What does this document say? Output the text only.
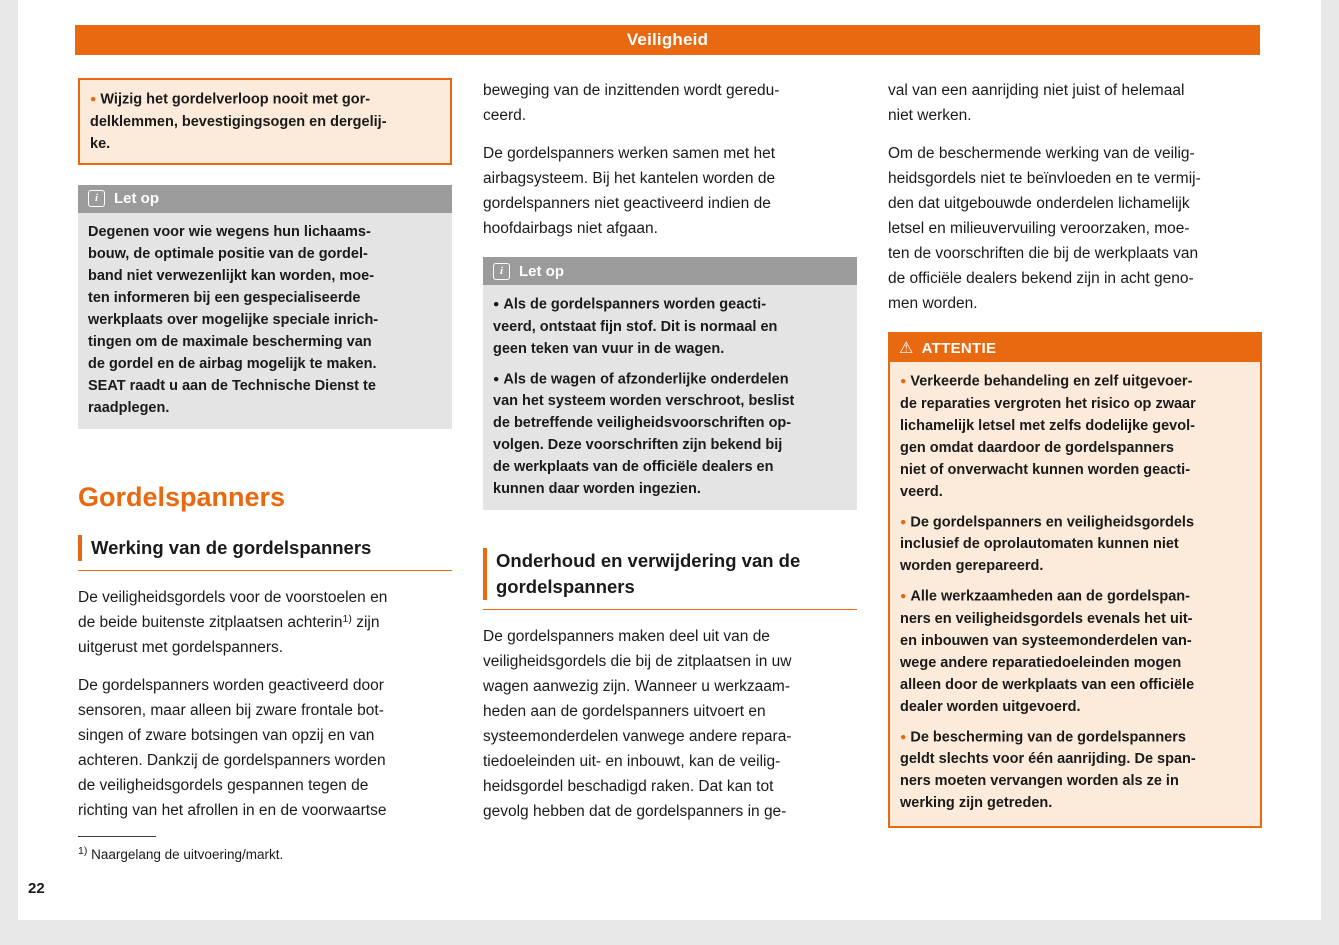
Veiligheid
● Wijzig het gordelverloop nooit met gor-
delklemmen, bevestigingsogen en dergelij-
ke.
i	Let op
Degenen voor wie wegens hun lichaams-
bouw, de optimale positie van de gordel-
band niet verwezenlijkt kan worden, moe-
ten informeren bij een gespecialiseerde
werkplaats over mogelijke speciale inrich-
tingen om de maximale bescherming van
de gordel en de airbag mogelijk te maken.
SEAT raadt u aan de Technische Dienst te
raadplegen.
Gordelspanners
Werking van de gordelspanners
De veiligheidsgordels voor de voorstoelen en
de beide buitenste zitplaatsen achterin$^{1)}$ zijn
uitgerust met gordelspanners.
De gordelspanners worden geactiveerd door
sensoren, maar alleen bij zware frontale bot-
singen of zware botsingen van opzij en van
achteren. Dankzij de gordelspanners worden
de veiligheidsgordels gespannen tegen de
richting van het afrollen in en de voorwaartse
$^{1)}$ Naargelang de uitvoering/markt.
beweging van de inzittenden wordt geredu-
ceerd.
De gordelspanners werken samen met het
airbagsysteem. Bij het kantelen worden de
gordelspanners niet geactiveerd indien de
hoofdairbags niet afgaan.
i	Let op
● Als de gordelspanners worden geacti-
veerd, ontstaat fijn stof. Dit is normaal en
geen teken van vuur in de wagen.
● Als de wagen of afzonderlijke onderdelen
van het systeem worden verschroot, beslist
de betreffende veiligheidsvoorschriften op-
volgen. Deze voorschriften zijn bekend bij
de werkplaats van de officiële dealers en
kunnen daar worden ingezien.
Onderhoud en verwijdering van de
gordelspanners
De gordelspanners maken deel uit van de
veiligheidsgordels die bij de zitplaatsen in uw
wagen aanwezig zijn. Wanneer u werkzaam-
heden aan de gordelspanners uitvoert en
systeemonderdelen vanwege andere repara-
tiedoeleinden uit- en inbouwt, kan de veilig-
heidsgordel beschadigd raken. Dat kan tot
gevolg hebben dat de gordelspanners in ge-
val van een aanrijding niet juist of helemaal
niet werken.
Om de beschermende werking van de veilig-
heidsgordels niet te beïnvloeden en te vermij-
den dat uitgebouwde onderdelen lichamelijk
letsel en milieuvervuiling veroorzaken, moe-
ten de voorschriften die bij de werkplaats van
de officiële dealers bekend zijn in acht geno-
men worden.
⚠ ATTENTIE
● Verkeerde behandeling en zelf uitgevoer-
de reparaties vergroten het risico op zwaar
lichamelijk letsel met zelfs dodelijke gevol-
gen omdat daardoor de gordelspanners
niet of onverwacht kunnen worden geacti-
veerd.
● De gordelspanners en veiligheidsgordels
inclusief de oprolautomaten kunnen niet
worden gerepareerd.
● Alle werkzaamheden aan de gordelspan-
ners en veiligheidsgordels evenals het uit-
en inbouwen van systeemonderdelen van-
wege andere reparatiedoeleinden mogen
alleen door de werkplaats van een officiële
dealer worden uitgevoerd.
● De bescherming van de gordelspanners
geldt slechts voor één aanrijding. De span-
ners moeten vervangen worden als ze in
werking zijn getreden.
22
